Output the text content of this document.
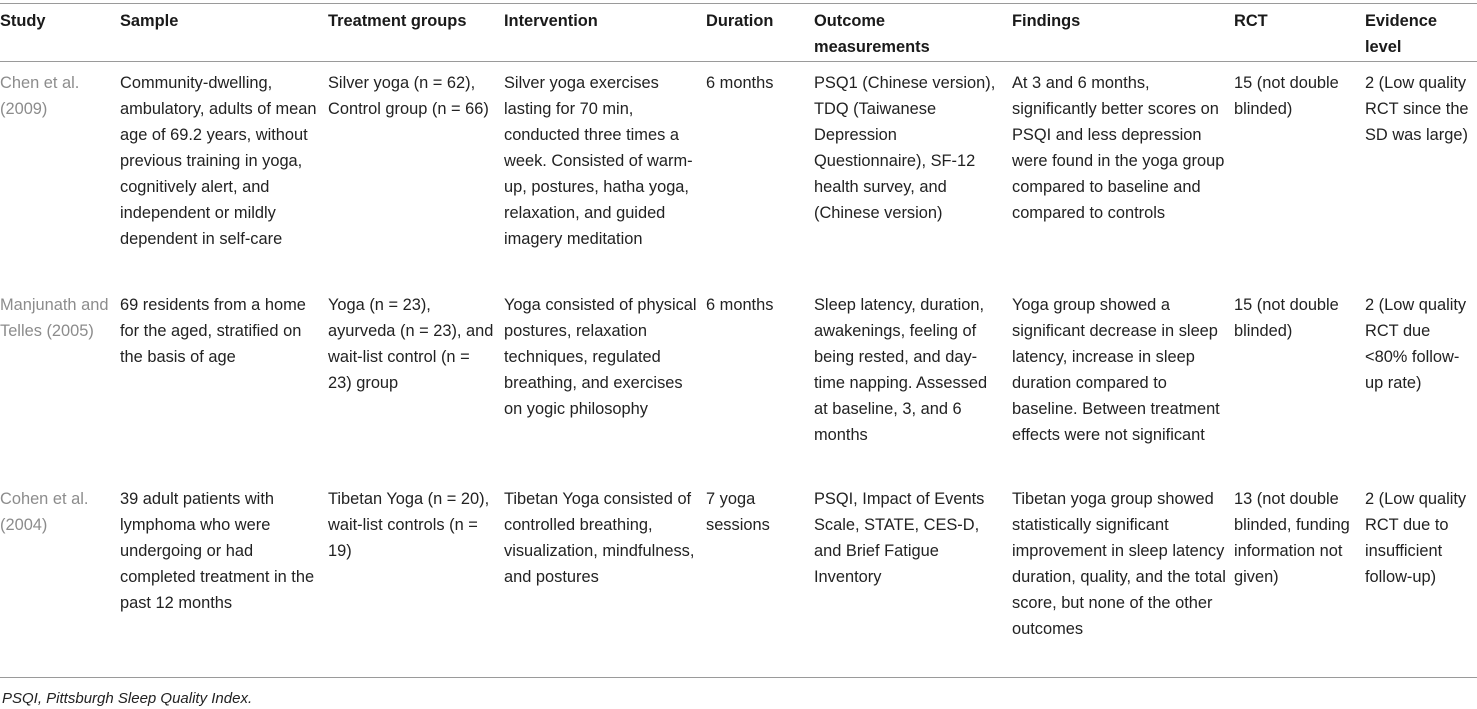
Study	Sample	Treatment groups	Intervention	Duration	Outcome measurements	Findings	RCT	Evidence level

Chen et al. (2009)	Community-dwelling, ambulatory, adults of mean age of 69.2 years, without previous training in yoga, cognitively alert, and independent or mildly dependent in self-care	Silver yoga (n = 62), Control group (n = 66)	Silver yoga exercises lasting for 70 min, conducted three times a week. Consisted of warm-up, postures, hatha yoga, relaxation, and guided imagery meditation	6 months	PSQ1 (Chinese version), TDQ (Taiwanese Depression Questionnaire), SF-12 health survey, and (Chinese version)	At 3 and 6 months, significantly better scores on PSQI and less depression were found in the yoga group compared to baseline and compared to controls	15 (not double blinded)	2 (Low quality RCT since the SD was large)

Manjunath and Telles (2005)	69 residents from a home for the aged, stratified on the basis of age	Yoga (n = 23), ayurveda (n = 23), and wait-list control (n = 23) group	Yoga consisted of physical postures, relaxation techniques, regulated breathing, and exercises on yogic philosophy	6 months	Sleep latency, duration, awakenings, feeling of being rested, and day-time napping. Assessed at baseline, 3, and 6 months	Yoga group showed a significant decrease in sleep latency, increase in sleep duration compared to baseline. Between treatment effects were not significant	15 (not double blinded)	2 (Low quality RCT due <80% follow-up rate)

Cohen et al. (2004)	39 adult patients with lymphoma who were undergoing or had completed treatment in the past 12 months	Tibetan Yoga (n = 20), wait-list controls (n = 19)	Tibetan Yoga consisted of controlled breathing, visualization, mindfulness, and postures	7 yoga sessions	PSQI, Impact of Events Scale, STATE, CES-D, and Brief Fatigue Inventory	Tibetan yoga group showed statistically significant improvement in sleep latency duration, quality, and the total score, but none of the other outcomes	13 (not double blinded, funding information not given)	2 (Low quality RCT due to insufficient follow-up)
PSQI, Pittsburgh Sleep Quality Index.
